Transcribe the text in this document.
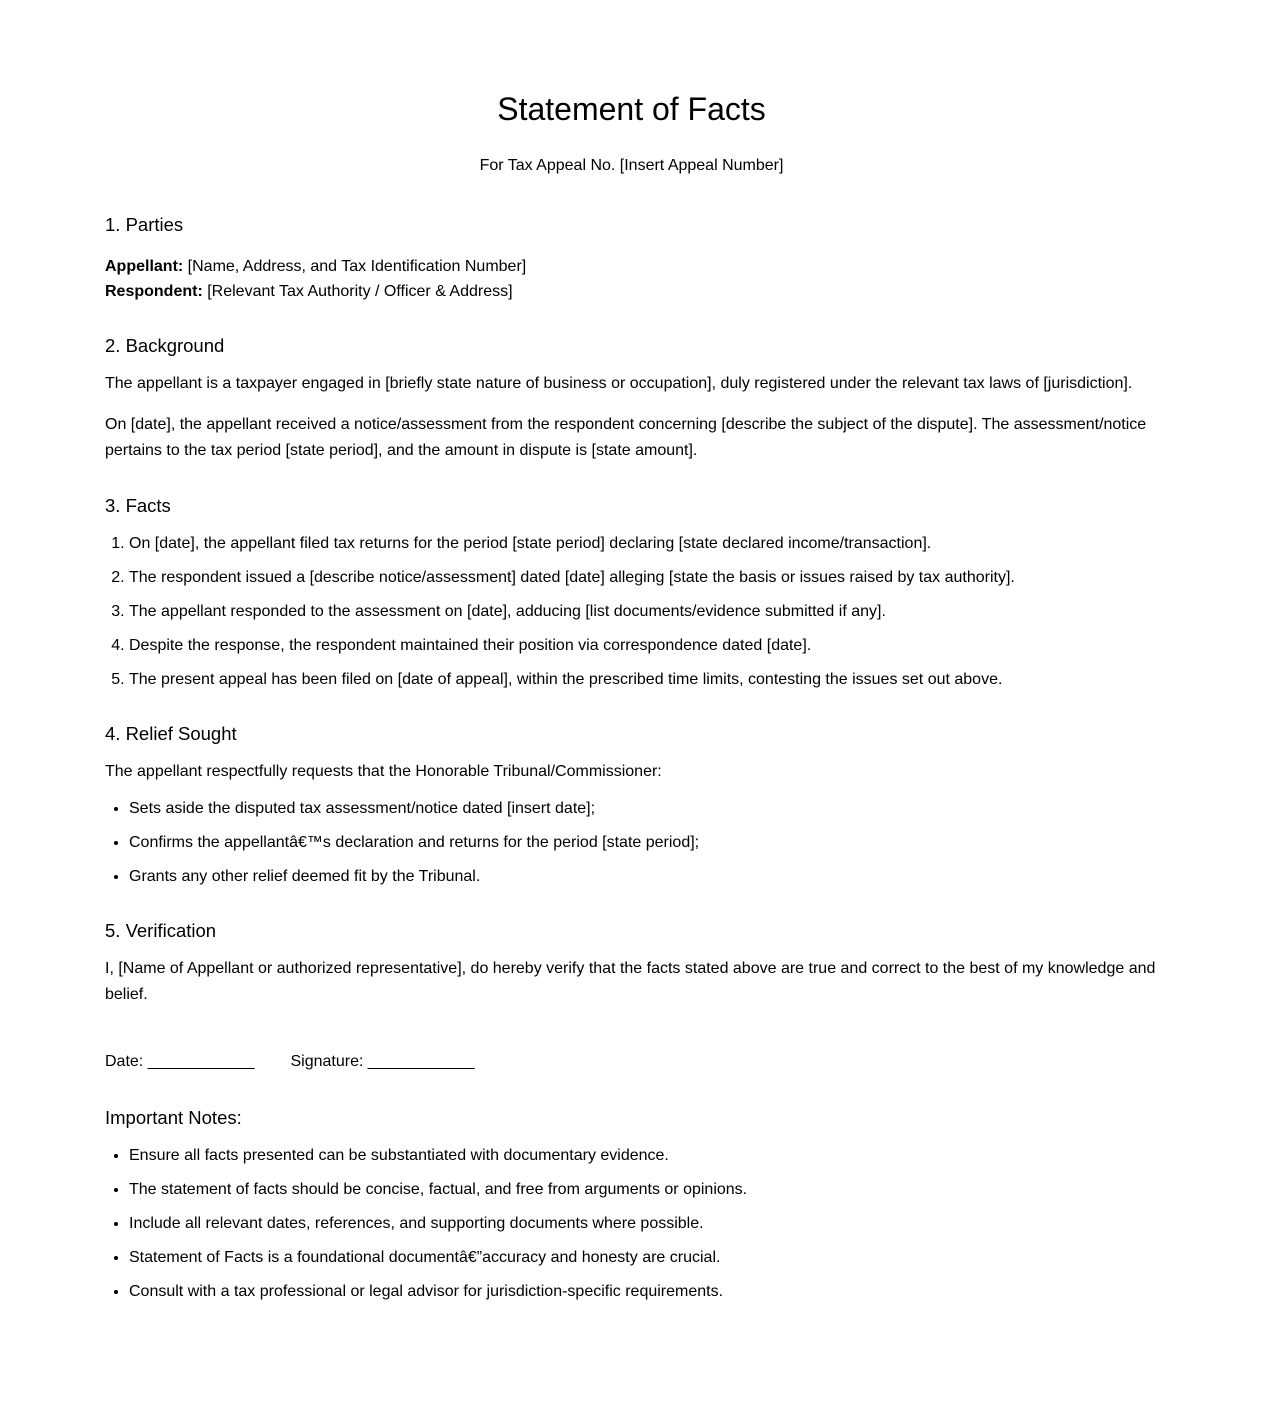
Statement of Facts

For Tax Appeal No. [Insert Appeal Number]

1. Parties

Appellant: [Name, Address, and Tax Identification Number]

Respondent: [Relevant Tax Authority / Officer & Address]

2. Background

The appellant is a taxpayer engaged in [briefly state nature of business or occupation], duly registered under the relevant tax laws of [jurisdiction].

On [date], the appellant received a notice/assessment from the respondent concerning [describe the subject of the dispute]. The assessment/notice pertains to the tax period [state period], and the amount in dispute is [state amount].

3. Facts
1. On [date], the appellant filed tax returns for the period [state period] declaring [state declared income/transaction].
2. The respondent issued a [describe notice/assessment] dated [date] alleging [state the basis or issues raised by tax authority].
3. The appellant responded to the assessment on [date], adducing [list documents/evidence submitted if any].
4. Despite the response, the respondent maintained their position via correspondence dated [date].
5. The present appeal has been filed on [date of appeal], within the prescribed time limits, contesting the issues set out above.
4. Relief Sought

The appellant respectfully requests that the Honorable Tribunal/Commissioner:

• Sets aside the disputed tax assessment/notice dated [insert date];
• Confirms the appellantâ€™s declaration and returns for the period [state period];
• Grants any other relief deemed fit by the Tribunal.
5. Verification

I, [Name of Appellant or authorized representative], do hereby verify that the facts stated above are true and correct to the best of my knowledge and belief.

Date: ____________ Signature: ____________
Important Notes:
• Ensure all facts presented can be substantiated with documentary evidence.
• The statement of facts should be concise, factual, and free from arguments or opinions.
• Include all relevant dates, references, and supporting documents where possible.
• Statement of Facts is a foundational documentâ€”accuracy and honesty are crucial.
• Consult with a tax professional or legal advisor for jurisdiction-specific requirements.
